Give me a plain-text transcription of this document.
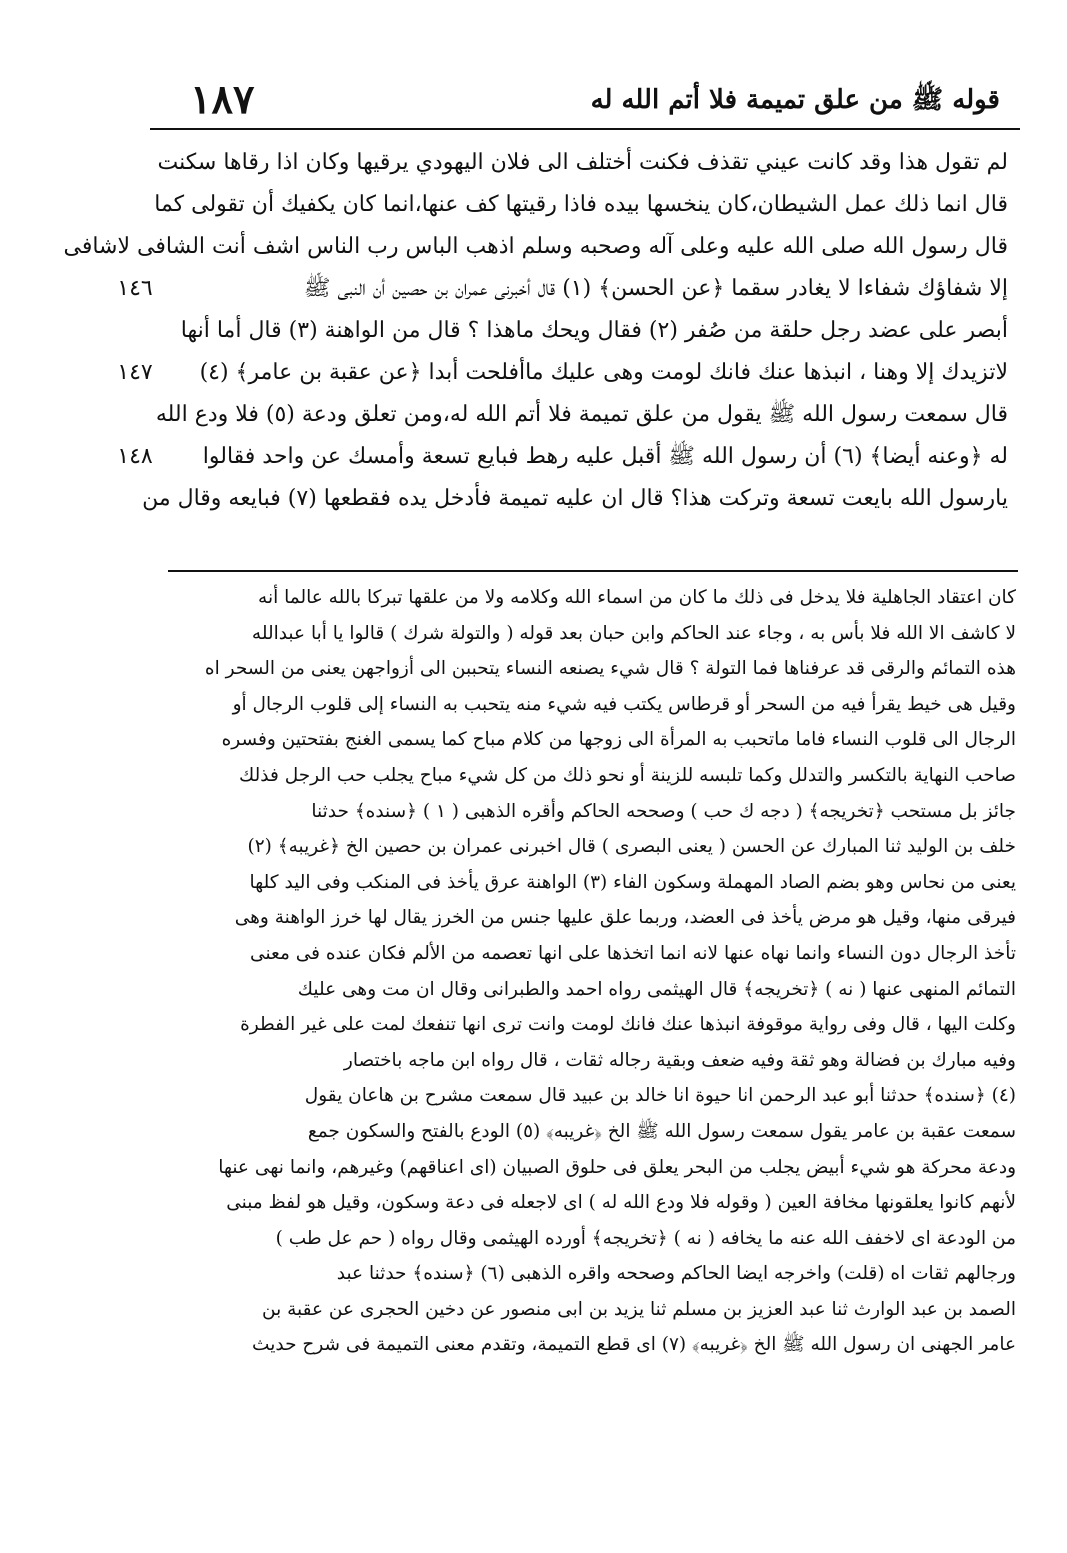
١٨٧	قوله ﷺ من علق تميمة فلا أتم الله له
١٤٦
١٤٧
١٤٨
لم تقول هذا وقد كانت عيني تقذف فكنت أختلف الى فلان اليهودي يرقيها وكان اذا رقاها سكنت
قال انما ذلك عمل الشيطان،كان ينخسها بيده فاذا رقيتها كف عنها،انما كان يكفيك أن تقولى كما
قال رسول الله صلى الله عليه وعلى آله وصحبه وسلم اذهب الباس رب الناس اشف أنت الشافى لاشافى
إلا شفاؤك شفاءا لا يغادر سقما ﴿عن الحسن﴾ (١) قال أخبرنى عمران بن حصين أن النبى ﷺ
أبصر على عضد رجل حلقة من صُفر (٢) فقال ويحك ماهذا ؟ قال من الواهنة (٣) قال أما أنها
لاتزيدك إلا وهنا ، انبذها عنك فانك لومت وهى عليك ماأفلحت أبدا ﴿عن عقبة بن عامر﴾ (٤)
قال سمعت رسول الله ﷺ يقول من علق تميمة فلا أتم الله له،ومن تعلق ودعة (٥) فلا ودع الله
له ﴿وعنه أيضا﴾ (٦) أن رسول الله ﷺ أقبل عليه رهط فبايع تسعة وأمسك عن واحد فقالوا
يارسول الله بايعت تسعة وتركت هذا؟ قال ان عليه تميمة فأدخل يده فقطعها (٧) فبايعه وقال من
كان اعتقاد الجاهلية فلا يدخل فى ذلك ما كان من اسماء الله وكلامه ولا من علقها تبركا بالله عالما أنه
لا كاشف الا الله فلا بأس به ، وجاء عند الحاكم وابن حبان بعد قوله ( والتولة شرك ) قالوا يا أبا عبدالله
هذه التمائم والرقى قد عرفناها فما التولة ؟ قال شيء يصنعه النساء يتحببن الى أزواجهن يعنى من السحر اه
وقيل هى خيط يقرأ فيه من السحر أو قرطاس يكتب فيه شيء منه يتحبب به النساء إلى قلوب الرجال أو
الرجال الى قلوب النساء فاما ماتحبب به المرأة الى زوجها من كلام مباح كما يسمى الغنج بفتحتين وفسره
صاحب النهاية بالتكسر والتدلل وكما تلبسه للزينة أو نحو ذلك من كل شيء مباح يجلب حب الرجل فذلك
جائز بل مستحب ﴿تخريجه﴾ ( دجه ك حب ) وصححه الحاكم وأقره الذهبى ( ١ ) ﴿سنده﴾ حدثنا
خلف بن الوليد ثنا المبارك عن الحسن ( يعنى البصرى ) قال اخبرنى عمران بن حصين الخ ﴿غريبه﴾ (٢)
يعنى من نحاس وهو بضم الصاد المهملة وسكون الفاء (٣) الواهنة عرق يأخذ فى المنكب وفى اليد كلها
فيرقى منها، وقيل هو مرض يأخذ فى العضد، وربما علق عليها جنس من الخرز يقال لها خرز الواهنة وهى
تأخذ الرجال دون النساء وانما نهاه عنها لانه انما اتخذها على انها تعصمه من الألم فكان عنده فى معنى
التمائم المنهى عنها ( نه ) ﴿تخريجه﴾ قال الهيثمى رواه احمد والطبرانى وقال ان مت وهى عليك
وكلت اليها ، قال وفى رواية موقوفة انبذها عنك فانك لومت وانت ترى انها تنفعك لمت على غير الفطرة
وفيه مبارك بن فضالة وهو ثقة وفيه ضعف وبقية رجاله ثقات ، قال رواه ابن ماجه باختصار
(٤) ﴿سنده﴾ حدثنا أبو عبد الرحمن انا حيوة انا خالد بن عبيد قال سمعت مشرح بن هاعان يقول
سمعت عقبة بن عامر يقول سمعت رسول الله ﷺ الخ ﴿غريبه﴾ (٥) الودع بالفتح والسكون جمع
ودعة محركة هو شيء أبيض يجلب من البحر يعلق فى حلوق الصبيان (اى اعناقهم) وغيرهم، وانما نهى عنها
لأنهم كانوا يعلقونها مخافة العين ( وقوله فلا ودع الله له ) اى لاجعله فى دعة وسكون، وقيل هو لفظ مبنى
من الودعة اى لاخفف الله عنه ما يخافه ( نه ) ﴿تخريجه﴾ أورده الهيثمى وقال رواه ( حم عل طب )
ورجالهم ثقات اه (قلت) واخرجه ايضا الحاكم وصححه واقره الذهبى (٦) ﴿سنده﴾ حدثنا عبد
الصمد بن عبد الوارث ثنا عبد العزيز بن مسلم ثنا يزيد بن ابى منصور عن دخين الحجرى عن عقبة بن
عامر الجهنى ان رسول الله ﷺ الخ ﴿غريبه﴾ (٧) اى قطع التميمة، وتقدم معنى التميمة فى شرح حديث
